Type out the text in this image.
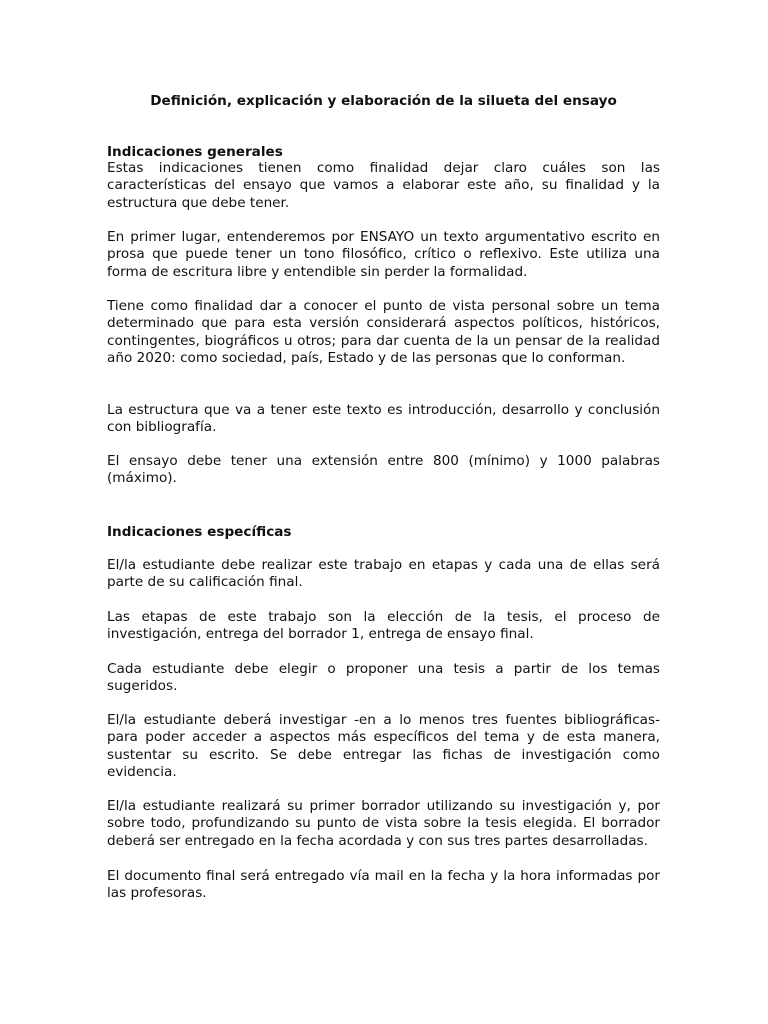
Definición, explicación y elaboración de la silueta del ensayo
Indicaciones generales

Estas indicaciones tienen como finalidad dejar claro cuáles son las características del ensayo que vamos a elaborar este año, su finalidad y la estructura que debe tener.

En primer lugar, entenderemos por ENSAYO un texto argumentativo escrito en prosa que puede tener un tono filosófico, crítico o reflexivo. Este utiliza una forma de escritura libre y entendible sin perder la formalidad.

Tiene como finalidad dar a conocer el punto de vista personal sobre un tema determinado que para esta versión considerará aspectos políticos, históricos, contingentes, biográficos u otros; para dar cuenta de la un pensar de la realidad año 2020: como sociedad, país, Estado y de las personas que lo conforman.

La estructura que va a tener este texto es introducción, desarrollo y conclusión con bibliografía.

El ensayo debe tener una extensión entre 800 (mínimo) y 1000 palabras (máximo).

Indicaciones específicas

El/la estudiante debe realizar este trabajo en etapas y cada una de ellas será parte de su calificación final.

Las etapas de este trabajo son la elección de la tesis, el proceso de investigación, entrega del borrador 1, entrega de ensayo final.

Cada estudiante debe elegir o proponer una tesis a partir de los temas sugeridos.

El/la estudiante deberá investigar -en a lo menos tres fuentes bibliográficas- para poder acceder a aspectos más específicos del tema y de esta manera, sustentar su escrito. Se debe entregar las fichas de investigación como evidencia.

El/la estudiante realizará su primer borrador utilizando su investigación y, por sobre todo, profundizando su punto de vista sobre la tesis elegida. El borrador deberá ser entregado en la fecha acordada y con sus tres partes desarrolladas.

El documento final será entregado vía mail en la fecha y la hora informadas por las profesoras.
